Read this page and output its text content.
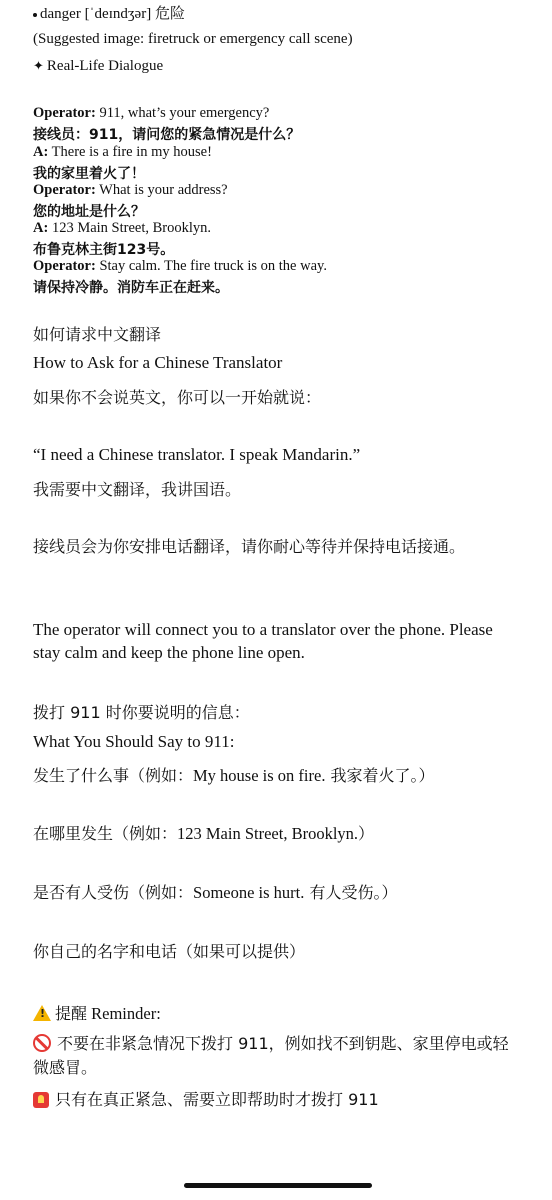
danger [ˈdeɪndʒər] 危险
(Suggested image: firetruck or emergency call scene)
✦ Real-Life Dialogue
Operator: 911, what’s your emergency?
接线员：911，请问您的紧急情况是什么？
A: There is a fire in my house!
我的家里着火了！
Operator: What is your address?
您的地址是什么？
A: 123 Main Street, Brooklyn.
布鲁克林主街123号。
Operator: Stay calm. The fire truck is on the way.
请保持冷静。消防车正在赶来。
如何请求中文翻译
How to Ask for a Chinese Translator
如果你不会说英文，你可以一开始就说：
“I need a Chinese translator. I speak Mandarin.”
我需要中文翻译，我讲国语。
接线员会为你安排电话翻译，请你耐心等待并保持电话接通。
The operator will connect you to a translator over the phone. Please stay calm and keep the phone line open.
拨打 911 时你要说明的信息：
What You Should Say to 911:
发生了什么事（例如：My house is on fire. 我家着火了。）
在哪里发生（例如：123 Main Street, Brooklyn.）
是否有人受伤（例如：Someone is hurt. 有人受伤。）
你自己的名字和电话（如果可以提供）
!提醒 Reminder:
不要在非紧急情况下拨打 911，例如找不到钥匙、家里停电或轻微感冒。
只有在真正紧急、需要立即帮助时才拨打 911
